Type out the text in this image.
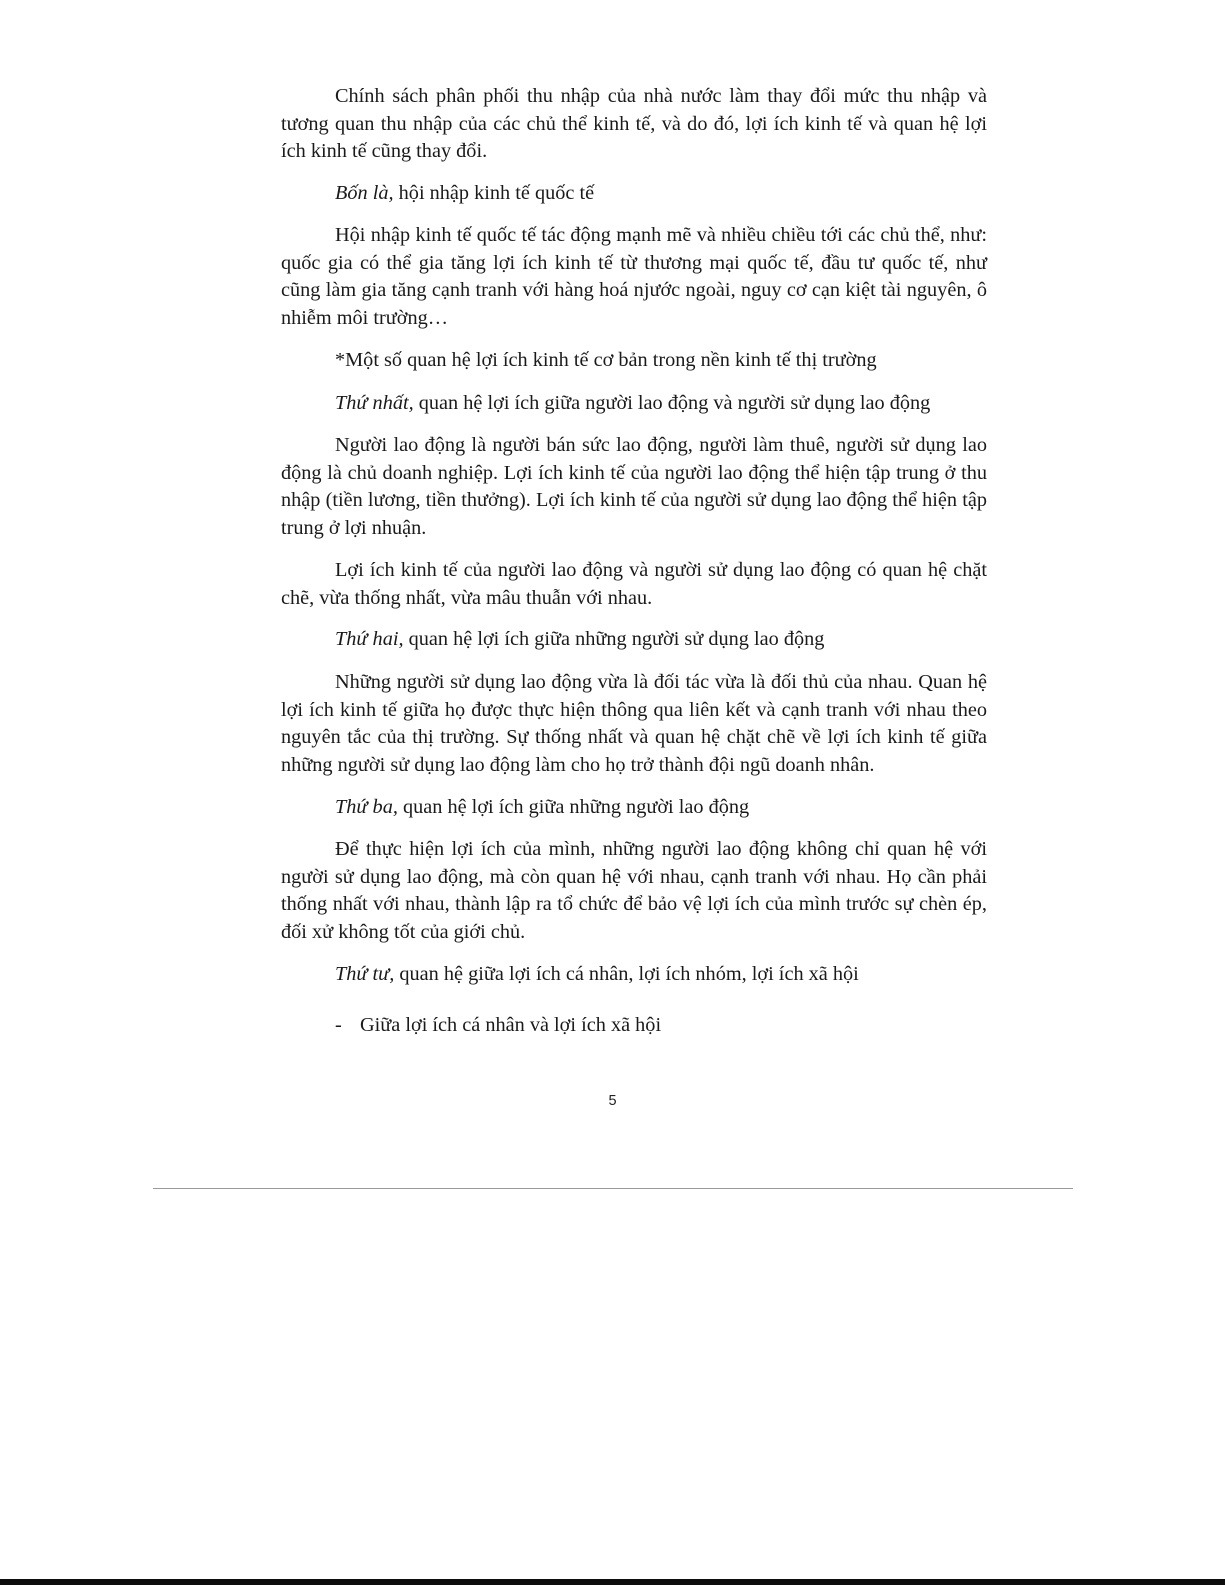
Chính sách phân phối thu nhập của nhà nước làm thay đổi mức thu nhập và tương quan thu nhập của các chủ thể kinh tế, và do đó, lợi ích kinh tế và quan hệ lợi ích kinh tế cũng thay đổi.

Bốn là, hội nhập kinh tế quốc tế

Hội nhập kinh tế quốc tế tác động mạnh mẽ và nhiều chiều tới các chủ thể, như: quốc gia có thể gia tăng lợi ích kinh tế từ thương mại quốc tế, đầu tư quốc tế, như cũng làm gia tăng cạnh tranh với hàng hoá njước ngoài, nguy cơ cạn kiệt tài nguyên, ô nhiễm môi trường…

*Một số quan hệ lợi ích kinh tế cơ bản trong nền kinh tế thị trường

Thứ nhất, quan hệ lợi ích giữa người lao động và người sử dụng lao động

Người lao động là người bán sức lao động, người làm thuê, người sử dụng lao động là chủ doanh nghiệp. Lợi ích kinh tế của người lao động thể hiện tập trung ở thu nhập (tiền lương, tiền thưởng). Lợi ích kinh tế của người sử dụng lao động thể hiện tập trung ở lợi nhuận.

Lợi ích kinh tế của người lao động và người sử dụng lao động có quan hệ chặt chẽ, vừa thống nhất, vừa mâu thuẫn với nhau.

Thứ hai, quan hệ lợi ích giữa những người sử dụng lao động

Những người sử dụng lao động vừa là đối tác vừa là đối thủ của nhau. Quan hệ lợi ích kinh tế giữa họ được thực hiện thông qua liên kết và cạnh tranh với nhau theo nguyên tắc của thị trường. Sự thống nhất và quan hệ chặt chẽ về lợi ích kinh tế giữa những người sử dụng lao động làm cho họ trở thành đội ngũ doanh nhân.

Thứ ba, quan hệ lợi ích giữa những người lao động

Để thực hiện lợi ích của mình, những người lao động không chỉ quan hệ với người sử dụng lao động, mà còn quan hệ với nhau, cạnh tranh với nhau. Họ cần phải thống nhất với nhau, thành lập ra tổ chức để bảo vệ lợi ích của mình trước sự chèn ép, đối xử không tốt của giới chủ.

Thứ tư, quan hệ giữa lợi ích cá nhân, lợi ích nhóm, lợi ích xã hội

- Giữa lợi ích cá nhân và lợi ích xã hội
5
